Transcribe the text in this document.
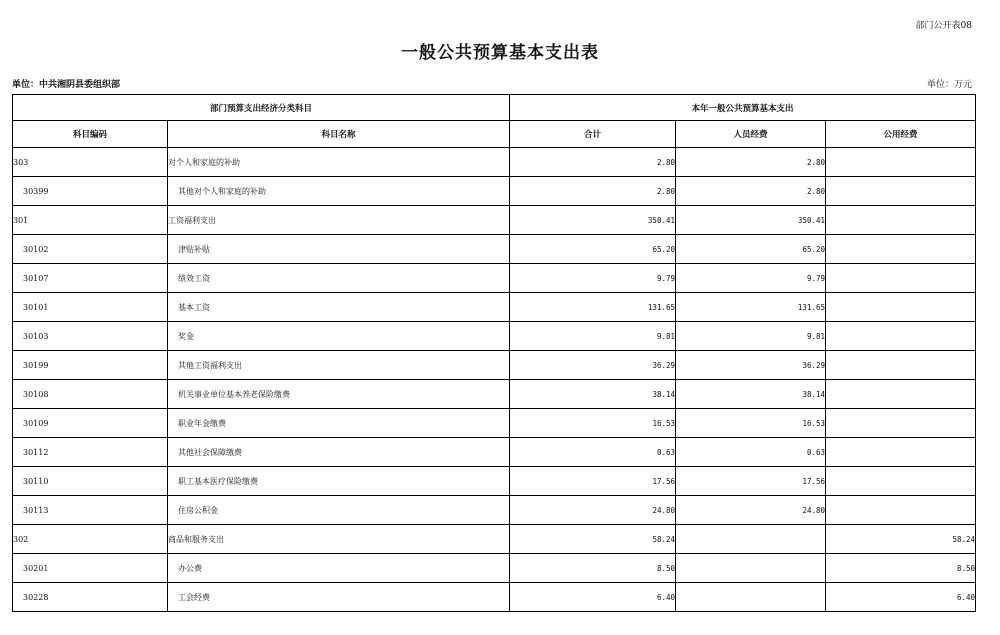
部门公开表08
一般公共预算基本支出表
单位：中共湘阴县委组织部	单位：万元
部门预算支出经济分类科目		本年一般公共预算基本支出		
科目编码	科目名称	合计	人员经费	公用经费
303	对个人和家庭的补助	2.80	2.80	
30399	其他对个人和家庭的补助	2.80	2.80	
301	工资福利支出	350.41	350.41	
30102	津贴补贴	65.20	65.20	
30107	绩效工资	9.79	9.79	
30101	基本工资	131.65	131.65	
30103	奖金	9.81	9.81	
30199	其他工资福利支出	36.29	36.29	
30108	机关事业单位基本养老保险缴费	38.14	38.14	
30109	职业年金缴费	16.53	16.53	
30112	其他社会保障缴费	0.63	0.63	
30110	职工基本医疗保险缴费	17.56	17.56	
30113	住房公积金	24.80	24.80	
302	商品和服务支出	58.24		58.24
30201	办公费	8.50		8.50
30228	工会经费	6.40		6.40
